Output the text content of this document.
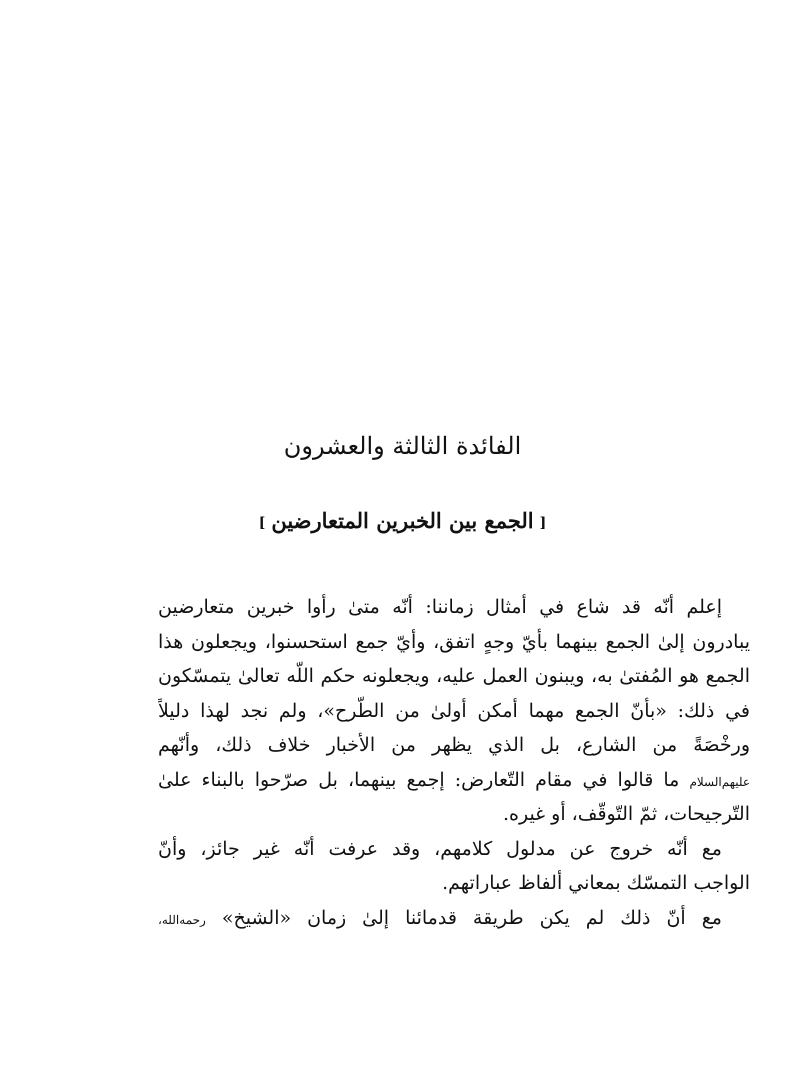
الفائدة الثالثة والعشرون
[الجمع بين الخبرين المتعارضين]
إعلم أنّه قد شاع في أمثال زماننا: أنّه متىٰ رأوا خبرين متعارضين
يبادرون إلىٰ الجمع بينهما بأيّ وجهٍ اتفق، وأيّ جمع استحسنوا، ويجعلون هذا
الجمع هو المُفتىٰ به، ويبنون العمل عليه، ويجعلونه حكم اللّه تعالىٰ يتمسّكون
في ذلك: «بأنّ الجمع مهما أمكن أولىٰ من الطّرح»، ولم نجد لهذا دليلاً
ورخْصَةً من الشارع، بل الذي يظهر من الأخبار خلاف ذلك، وأنّهم
عليهم‌السلام ما قالوا في مقام التّعارض: إجمع بينهما، بل صرّحوا بالبناء علىٰ
التّرجيحات، ثمّ التّوقّف، أو غيره.
مع أنّه خروج عن مدلول كلامهم، وقد عرفت أنّه غير جائز، وأنّ
الواجب التمسّك بمعاني ألفاظ عباراتهم.
مع أنّ ذلك لم يكن طريقة قدمائنا إلىٰ زمان «الشيخ» رحمه‌الله،
